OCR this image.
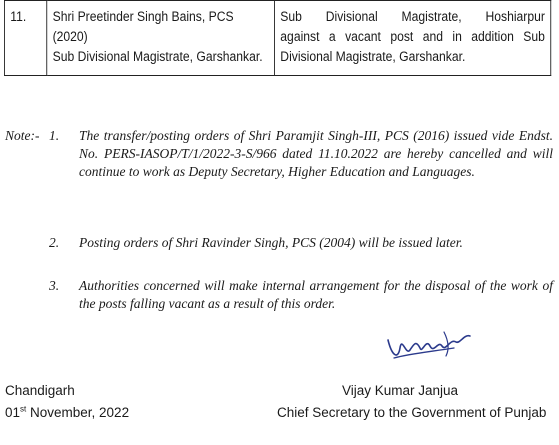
11.	Shri Preetinder Singh Bains, PCS
(2020)
Sub Divisional Magistrate, Garshankar.

Sub Divisional Magistrate, Hoshiarpur
against a vacant post and in addition Sub
Divisional Magistrate, Garshankar.
Note:- 1. The transfer/posting orders of Shri Paramjit Singh-III, PCS (2016) issued vide Endst. No. PERS-IASOP/T/1/2022-3-S/966 dated 11.10.2022 are hereby cancelled and will continue to work as Deputy Secretary, Higher Education and Languages.
2. Posting orders of Shri Ravinder Singh, PCS (2004) will be issued later.
3. Authorities concerned will make internal arrangement for the disposal of the work of the posts falling vacant as a result of this order.
Chandigarh
01st November, 2022
Vijay Kumar Janjua
Chief Secretary to the Government of Punjab
